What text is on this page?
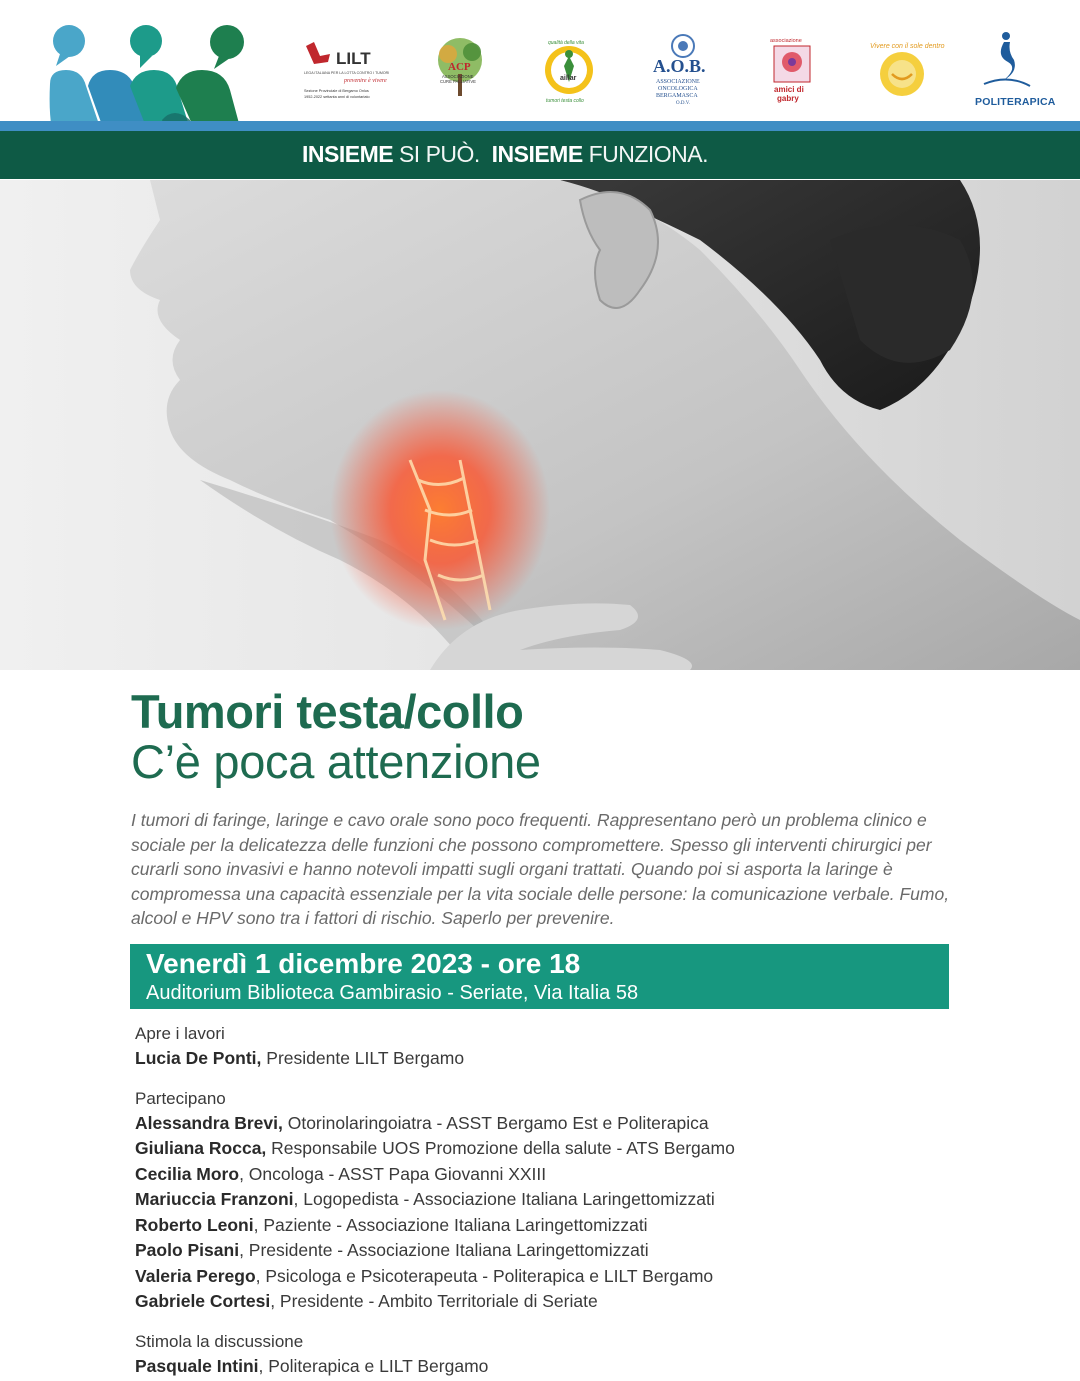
LILT
LEGA ITALIANA PER LA LOTTA CONTRO I TUMORI
prevenire è vivere
Sezione Provinciale di Bergamo Onlus
1952-2022 settanta anni di volontariato
ACP
ASSOCIAZIONE
CURE PALLIATIVE	aillar
qualità della vita
tumori testa collo
A.O.B.
ASSOCIAZIONE
ONCOLOGICA
BERGAMASCA
O.D.V.
associazione
amici di
gabry
Vivere con il sole dentro
POLITERAPICA
INSIEME SI PUÒ. INSIEME FUNZIONA.
Tumori testa/collo
C’è poca attenzione
I tumori di faringe, laringe e cavo orale sono poco frequenti. Rappresentano però un problema clinico e sociale per la delicatezza delle funzioni che possono compromettere. Spesso gli interventi chirurgici per curarli sono invasivi e hanno notevoli impatti sugli organi trattati. Quando poi si asporta la laringe è compromessa una capacità essenziale per la vita sociale delle persone: la comunicazione verbale. Fumo, alcool e HPV sono tra i fattori di rischio. Saperlo per prevenire.
Venerdì 1 dicembre 2023 - ore 18
Auditorium Biblioteca Gambirasio - Seriate, Via Italia 58
Apre i lavori
Lucia De Ponti, Presidente LILT Bergamo
Partecipano
Alessandra Brevi, Otorinolaringoiatra - ASST Bergamo Est e Politerapica
Giuliana Rocca, Responsabile UOS Promozione della salute - ATS Bergamo
Cecilia Moro, Oncologa - ASST Papa Giovanni XXIII
Mariuccia Franzoni, Logopedista - Associazione Italiana Laringettomizzati
Roberto Leoni, Paziente - Associazione Italiana Laringettomizzati
Paolo Pisani, Presidente - Associazione Italiana Laringettomizzati
Valeria Perego, Psicologa e Psicoterapeuta - Politerapica e LILT Bergamo
Gabriele Cortesi, Presidente - Ambito Territoriale di Seriate
Stimola la discussione
Pasquale Intini, Politerapica e LILT Bergamo
